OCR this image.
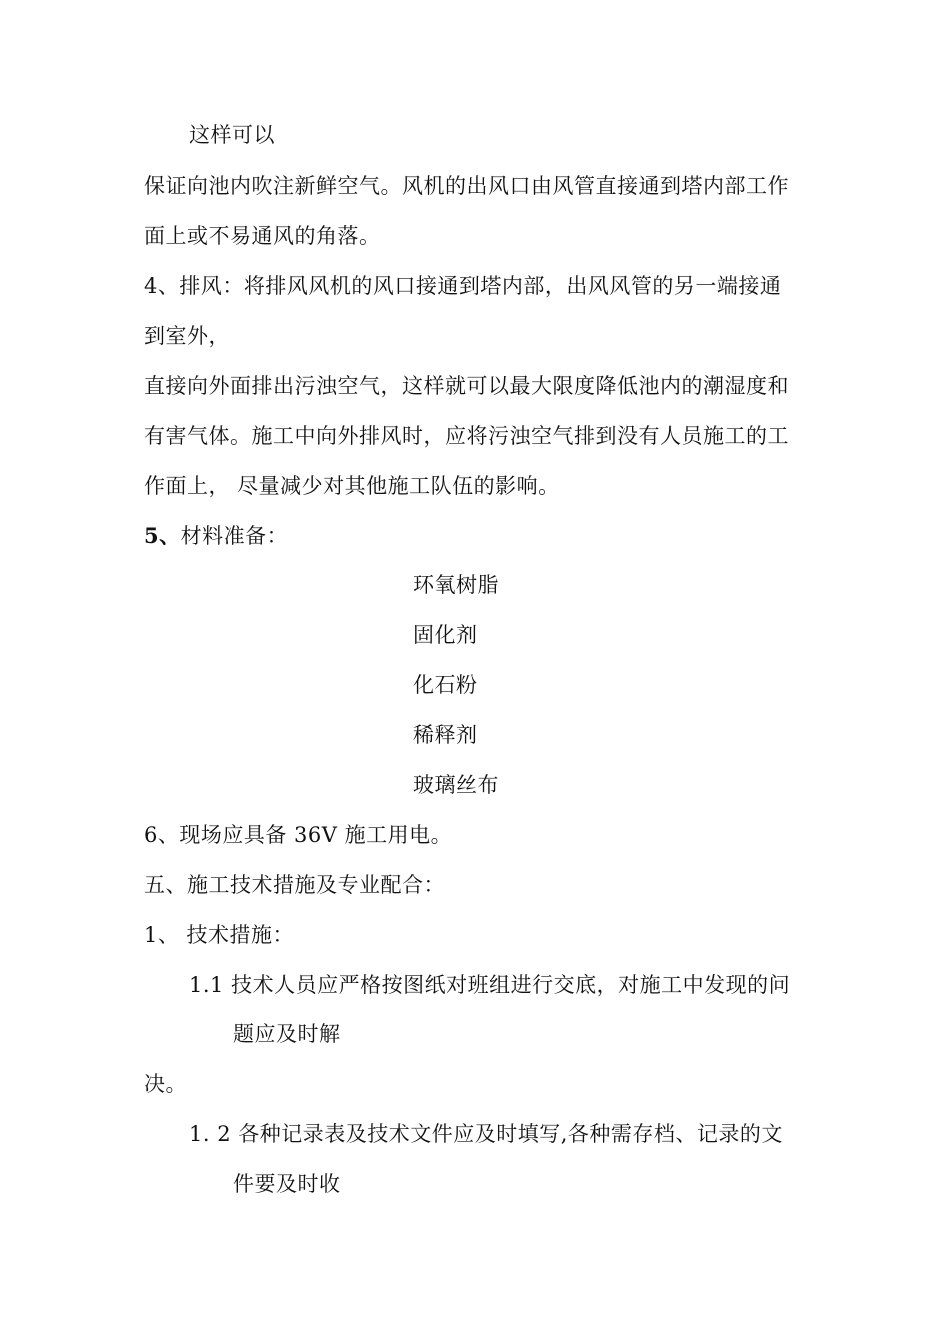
这样可以
保证向池内吹注新鲜空气。风机的出风口由风管直接通到塔内部工作
面上或不易通风的角落。
4、排风：将排风风机的风口接通到塔内部，出风风管的另一端接通
到室外，
直接向外面排出污浊空气，这样就可以最大限度降低池内的潮湿度和
有害气体。施工中向外排风时，应将污浊空气排到没有人员施工的工
作面上， 尽量减少对其他施工队伍的影响。
5、材料准备：
环氧树脂
固化剂
化石粉
稀释剂
玻璃丝布
6、现场应具备 36V 施工用电。
五、施工技术措施及专业配合：
1、 技术措施：
1.1 技术人员应严格按图纸对班组进行交底，对施工中发现的问
题应及时解
决。
1. 2 各种记录表及技术文件应及时填写,各种需存档、记录的文
件要及时收
